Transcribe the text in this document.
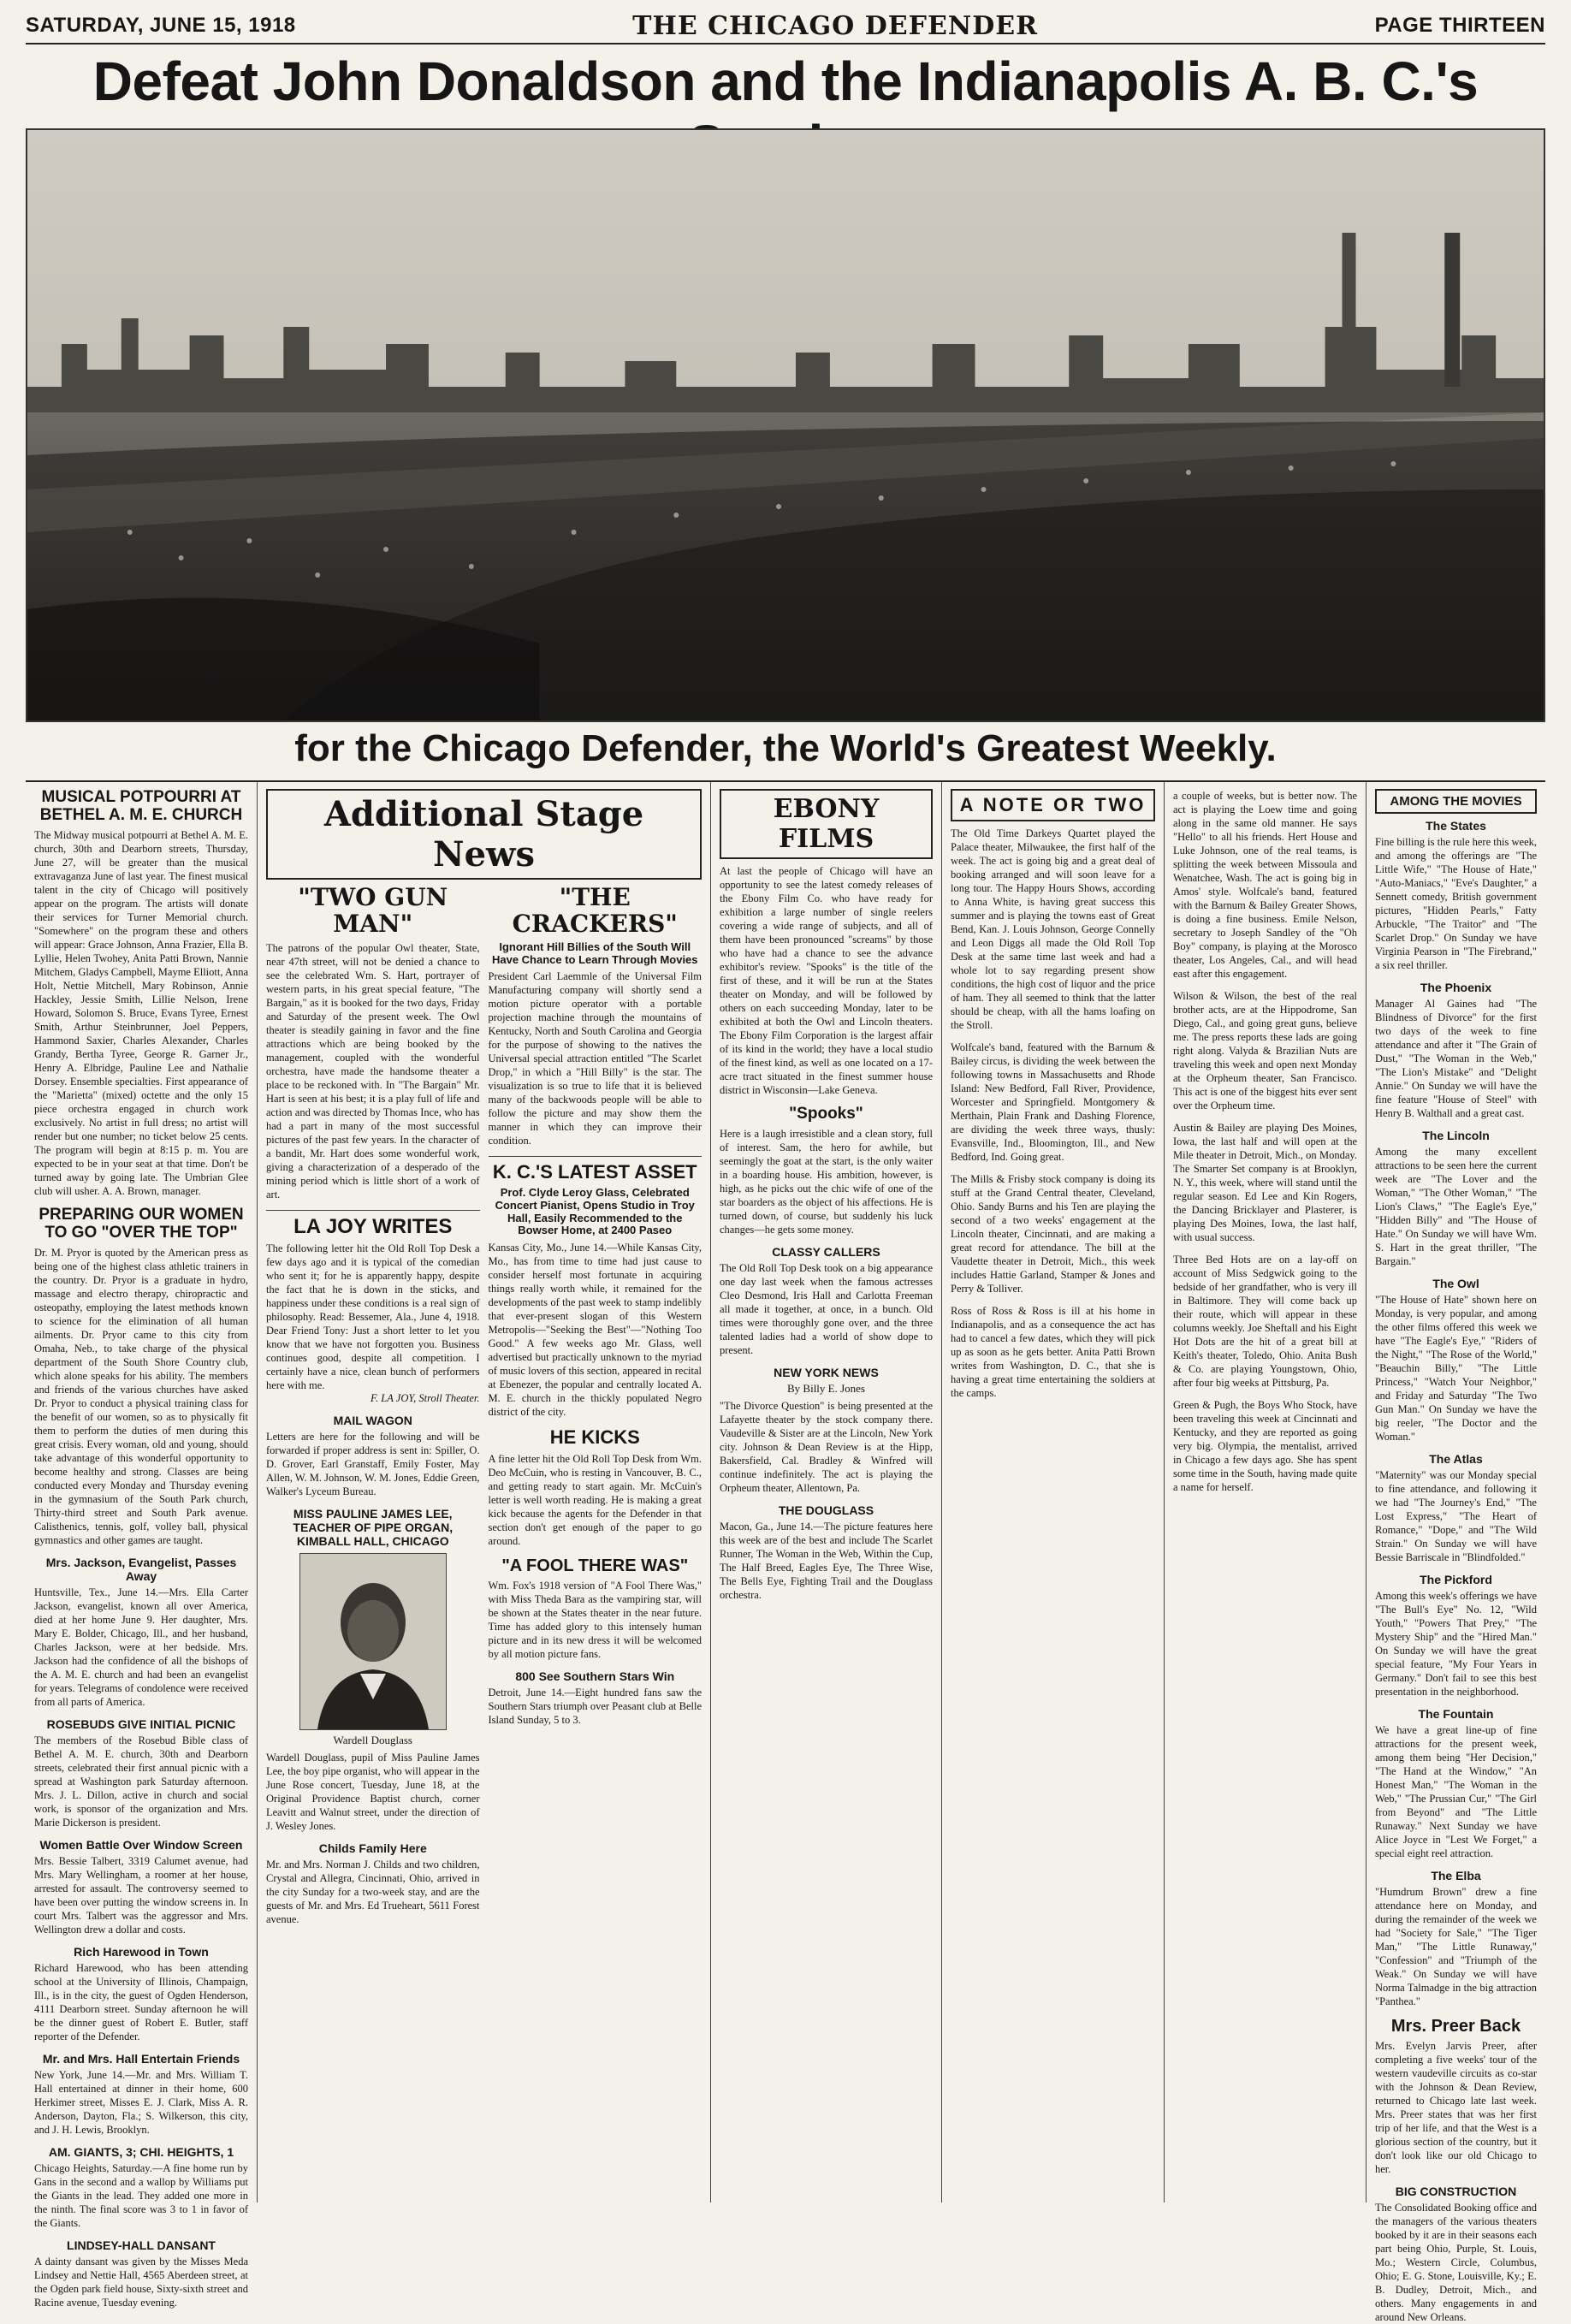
SATURDAY, JUNE 15, 1918	THE CHICAGO DEFENDER	PAGE THIRTEEN
Defeat John Donaldson and the Indianapolis A. B. C.'s
for the Chicago Defender, the World's Greatest Weekly.
MUSICAL POTPOURRI AT BETHEL A. M. E. CHURCH
The Midway musical potpourri at Bethel A. M. E. church, 30th and Dearborn streets, Thursday, June 27, will be greater than the musical extravaganza June of last year. The finest musical talent in the city of Chicago will positively appear on the program. The artists will donate their services for Turner Memorial church. "Somewhere" on the program these and others will appear: Grace Johnson, Anna Frazier, Ella B. Lyllie, Helen Twohey, Anita Patti Brown, Nannie Mitchem, Gladys Campbell, Mayme Elliott, Anna Holt, Nettie Mitchell, Mary Robinson, Annie Hackley, Jessie Smith, Lillie Nelson, Irene Howard, Solomon S. Bruce, Evans Tyree, Ernest Smith, Arthur Steinbrunner, Joel Peppers, Hammond Saxier, Charles Alexander, Charles Grandy, Bertha Tyree, George R. Garner Jr., Henry A. Elbridge, Pauline Lee and Nathalie Dorsey. Ensemble specialties. First appearance of the "Marietta" (mixed) octette and the only 15 piece orchestra engaged in church work exclusively. No artist in full dress; no artist will render but one number; no ticket below 25 cents. The program will begin at 8:15 p. m. You are expected to be in your seat at that time. Don't be turned away by going late. The Umbrian Glee club will usher. A. A. Brown, manager.
PREPARING OUR WOMEN TO GO "OVER THE TOP"
Dr. M. Pryor is quoted by the American press as being one of the highest class athletic trainers in the country. Dr. Pryor is a graduate in hydro, massage and electro therapy, chiropractic and osteopathy, employing the latest methods known to science for the elimination of all human ailments. Dr. Pryor came to this city from Omaha, Neb., to take charge of the physical department of the South Shore Country club, which alone speaks for his ability. The members and friends of the various churches have asked Dr. Pryor to conduct a physical training class for the benefit of our women, so as to physically fit them to perform the duties of men during this great crisis. Every woman, old and young, should take advantage of this wonderful opportunity to become healthy and strong. Classes are being conducted every Monday and Thursday evening in the gymnasium of the South Park church, Thirty-third street and South Park avenue. Calisthenics, tennis, golf, volley ball, physical gymnastics and other games are taught.
Mrs. Jackson, Evangelist, Passes Away
Huntsville, Tex., June 14.—Mrs. Ella Carter Jackson, evangelist, known all over America, died at her home June 9. Her daughter, Mrs. Mary E. Bolder, Chicago, Ill., and her husband, Charles Jackson, were at her bedside. Mrs. Jackson had the confidence of all the bishops of the A. M. E. church and had been an evangelist for years. Telegrams of condolence were received from all parts of America.
ROSEBUDS GIVE INITIAL PICNIC
The members of the Rosebud Bible class of Bethel A. M. E. church, 30th and Dearborn streets, celebrated their first annual picnic with a spread at Washington park Saturday afternoon. Mrs. J. L. Dillon, active in church and social work, is sponsor of the organization and Mrs. Marie Dickerson is president.
Women Battle Over Window Screen
Mrs. Bessie Talbert, 3319 Calumet avenue, had Mrs. Mary Wellingham, a roomer at her house, arrested for assault. The controversy seemed to have been over putting the window screens in. In court Mrs. Talbert was the aggressor and Mrs. Wellington drew a dollar and costs.
Rich Harewood in Town
Richard Harewood, who has been attending school at the University of Illinois, Champaign, Ill., is in the city, the guest of Ogden Henderson, 4111 Dearborn street. Sunday afternoon he will be the dinner guest of Robert E. Butler, staff reporter of the Defender.
Mr. and Mrs. Hall Entertain Friends
New York, June 14.—Mr. and Mrs. William T. Hall entertained at dinner in their home, 600 Herkimer street, Misses E. J. Clark, Miss A. R. Anderson, Dayton, Fla.; S. Wilkerson, this city, and J. H. Lewis, Brooklyn.
AM. GIANTS, 3; CHI. HEIGHTS, 1
Chicago Heights, Saturday.—A fine home run by Gans in the second and a wallop by Williams put the Giants in the lead. They added one more in the ninth. The final score was 3 to 1 in favor of the Giants.
LINDSEY-HALL DANSANT
A dainty dansant was given by the Misses Meda Lindsey and Nettie Hall, 4565 Aberdeen street, at the Ogden park field house, Sixty-sixth street and Racine avenue, Tuesday evening.
Additional Stage News
"TWO GUN MAN"
The patrons of the popular Owl theater, State, near 47th street, will not be denied a chance to see the celebrated Wm. S. Hart, portrayer of western parts, in his great special feature, "The Bargain," as it is booked for the two days, Friday and Saturday of the present week. The Owl theater is steadily gaining in favor and the fine attractions which are being booked by the management, coupled with the wonderful orchestra, have made the handsome theater a place to be reckoned with. In "The Bargain" Mr. Hart is seen at his best; it is a play full of life and action and was directed by Thomas Ince, who has had a part in many of the most successful pictures of the past few years. In the character of a bandit, Mr. Hart does some wonderful work, giving a characterization of a desperado of the mining period which is little short of a work of art.
LA JOY WRITES
The following letter hit the Old Roll Top Desk a few days ago and it is typical of the comedian who sent it; for he is apparently happy, despite the fact that he is down in the sticks, and happiness under these conditions is a real sign of philosophy. Read: Bessemer, Ala., June 4, 1918. Dear Friend Tony: Just a short letter to let you know that we have not forgotten you. Business continues good, despite all competition. I certainly have a nice, clean bunch of performers here with me.
F. LA JOY, Stroll Theater.
MAIL WAGON
Letters are here for the following and will be forwarded if proper address is sent in: Spiller, O. D. Grover, Earl Granstaff, Emily Foster, May Allen, W. M. Johnson, W. M. Jones, Eddie Green, Walker's Lyceum Bureau.
MISS PAULINE JAMES LEE, TEACHER OF PIPE ORGAN, KIMBALL HALL, CHICAGO
Wardell Douglass
Wardell Douglass, pupil of Miss Pauline James Lee, the boy pipe organist, who will appear in the June Rose concert, Tuesday, June 18, at the Original Providence Baptist church, corner Leavitt and Walnut street, under the direction of J. Wesley Jones.
Childs Family Here
Mr. and Mrs. Norman J. Childs and two children, Crystal and Allegra, Cincinnati, Ohio, arrived in the city Sunday for a two-week stay, and are the guests of Mr. and Mrs. Ed Trueheart, 5611 Forest avenue.
"THE CRACKERS"
Ignorant Hill Billies of the South Will Have Chance to Learn Through Movies
President Carl Laemmle of the Universal Film Manufacturing company will shortly send a motion picture operator with a portable projection machine through the mountains of Kentucky, North and South Carolina and Georgia for the purpose of showing to the natives the Universal special attraction entitled "The Scarlet Drop," in which a "Hill Billy" is the star. The visualization is so true to life that it is believed many of the backwoods people will be able to follow the picture and may show them the manner in which they can improve their condition.
K. C.'S LATEST ASSET
Prof. Clyde Leroy Glass, Celebrated Concert Pianist, Opens Studio in Troy Hall, Easily Recommended to the Bowser Home, at 2400 Paseo
Kansas City, Mo., June 14.—While Kansas City, Mo., has from time to time had just cause to consider herself most fortunate in acquiring things really worth while, it remained for the developments of the past week to stamp indelibly that ever-present slogan of this Western Metropolis—"Seeking the Best"—"Nothing Too Good." A few weeks ago Mr. Glass, well advertised but practically unknown to the myriad of music lovers of this section, appeared in recital at Ebenezer, the popular and centrally located A. M. E. church in the thickly populated Negro district of the city.
HE KICKS
A fine letter hit the Old Roll Top Desk from Wm. Deo McCuin, who is resting in Vancouver, B. C., and getting ready to start again. Mr. McCuin's letter is well worth reading. He is making a great kick because the agents for the Defender in that section don't get enough of the paper to go around.
"A FOOL THERE WAS"
Wm. Fox's 1918 version of "A Fool There Was," with Miss Theda Bara as the vampiring star, will be shown at the States theater in the near future. Time has added glory to this intensely human picture and in its new dress it will be welcomed by all motion picture fans.
800 See Southern Stars Win
Detroit, June 14.—Eight hundred fans saw the Southern Stars triumph over Peasant club at Belle Island Sunday, 5 to 3.
EBONY FILMS
At last the people of Chicago will have an opportunity to see the latest comedy releases of the Ebony Film Co. who have ready for exhibition a large number of single reelers covering a wide range of subjects, and all of them have been pronounced "screams" by those who have had a chance to see the advance exhibitor's review. "Spooks" is the title of the first of these, and it will be run at the States theater on Monday, and will be followed by others on each succeeding Monday, later to be exhibited at both the Owl and Lincoln theaters. The Ebony Film Corporation is the largest affair of its kind in the world; they have a local studio of the finest kind, as well as one located on a 17-acre tract situated in the finest summer house district in Wisconsin—Lake Geneva.
"Spooks"
Here is a laugh irresistible and a clean story, full of interest. Sam, the hero for awhile, but seemingly the goat at the start, is the only waiter in a boarding house. His ambition, however, is high, as he picks out the chic wife of one of the star boarders as the object of his affections. He is turned down, of course, but suddenly his luck changes—he gets some money.
CLASSY CALLERS
The Old Roll Top Desk took on a big appearance one day last week when the famous actresses Cleo Desmond, Iris Hall and Carlotta Freeman all made it together, at once, in a bunch. Old times were thoroughly gone over, and the three talented ladies had a world of show dope to present.
NEW YORK NEWS
By Billy E. Jones
"The Divorce Question" is being presented at the Lafayette theater by the stock company there. Vaudeville & Sister are at the Lincoln, New York city. Johnson & Dean Review is at the Hipp, Bakersfield, Cal. Bradley & Winfred will continue indefinitely. The act is playing the Orpheum theater, Allentown, Pa.
THE DOUGLASS
Macon, Ga., June 14.—The picture features here this week are of the best and include The Scarlet Runner, The Woman in the Web, Within the Cup, The Half Breed, Eagles Eye, The Three Wise, The Bells Eye, Fighting Trail and the Douglass orchestra.
A NOTE OR TWO
The Old Time Darkeys Quartet played the Palace theater, Milwaukee, the first half of the week. The act is going big and a great deal of booking arranged and will soon leave for a long tour. The Happy Hours Shows, according to Anna White, is having great success this summer and is playing the towns east of Great Bend, Kan. J. Louis Johnson, George Connelly and Leon Diggs all made the Old Roll Top Desk at the same time last week and had a whole lot to say regarding present show conditions, the high cost of liquor and the price of ham. They all seemed to think that the latter should be cheap, with all the hams loafing on the Stroll.
Wolfcale's band, featured with the Barnum & Bailey circus, is dividing the week between the following towns in Massachusetts and Rhode Island: New Bedford, Fall River, Providence, Worcester and Springfield. Montgomery & Merthain, Plain Frank and Dashing Florence, are dividing the week three ways, thusly: Evansville, Ind., Bloomington, Ill., and New Bedford, Ind. Going great.
The Mills & Frisby stock company is doing its stuff at the Grand Central theater, Cleveland, Ohio. Sandy Burns and his Ten are playing the second of a two weeks' engagement at the Lincoln theater, Cincinnati, and are making a great record for attendance. The bill at the Vaudette theater in Detroit, Mich., this week includes Hattie Garland, Stamper & Jones and Perry & Tolliver.
Ross of Ross & Ross is ill at his home in Indianapolis, and as a consequence the act has had to cancel a few dates, which they will pick up as soon as he gets better. Anita Patti Brown writes from Washington, D. C., that she is having a great time entertaining the soldiers at the camps.
a couple of weeks, but is better now. The act is playing the Loew time and going along in the same old manner. He says "Hello" to all his friends. Hert House and Luke Johnson, one of the real teams, is splitting the week between Missoula and Wenatchee, Wash. The act is going big in Amos' style. Wolfcale's band, featured with the Barnum & Bailey Greater Shows, is doing a fine business. Emile Nelson, secretary to Joseph Sandley of the "Oh Boy" company, is playing at the Morosco theater, Los Angeles, Cal., and will head east after this engagement.
Wilson & Wilson, the best of the real brother acts, are at the Hippodrome, San Diego, Cal., and going great guns, believe me. The press reports these lads are going right along. Valyda & Brazilian Nuts are traveling this week and open next Monday at the Orpheum theater, San Francisco. This act is one of the biggest hits ever sent over the Orpheum time.
Austin & Bailey are playing Des Moines, Iowa, the last half and will open at the Mile theater in Detroit, Mich., on Monday. The Smarter Set company is at Brooklyn, N. Y., this week, where will stand until the regular season. Ed Lee and Kin Rogers, the Dancing Bricklayer and Plasterer, is playing Des Moines, Iowa, the last half, with usual success.
Three Bed Hots are on a lay-off on account of Miss Sedgwick going to the bedside of her grandfather, who is very ill in Baltimore. They will come back up their route, which will appear in these columns weekly. Joe Sheftall and his Eight Hot Dots are the hit of a great bill at Keith's theater, Toledo, Ohio. Anita Bush & Co. are playing Youngstown, Ohio, after four big weeks at Pittsburg, Pa.
Green & Pugh, the Boys Who Stock, have been traveling this week at Cincinnati and Kentucky, and they are reported as going very big. Olympia, the mentalist, arrived in Chicago a few days ago. She has spent some time in the South, having made quite a name for herself.
AMONG THE MOVIES
The States
Fine billing is the rule here this week, and among the offerings are "The Little Wife," "The House of Hate," "Auto-Maniacs," "Eve's Daughter," a Sennett comedy, British government pictures, "Hidden Pearls," Fatty Arbuckle, "The Traitor" and "The Scarlet Drop." On Sunday we have Virginia Pearson in "The Firebrand," a six reel thriller.
The Phoenix
Manager Al Gaines had "The Blindness of Divorce" for the first two days of the week to fine attendance and after it "The Grain of Dust," "The Woman in the Web," "The Lion's Mistake" and "Delight Annie." On Sunday we will have the fine feature "House of Steel" with Henry B. Walthall and a great cast.
The Lincoln
Among the many excellent attractions to be seen here the current week are "The Lover and the Woman," "The Other Woman," "The Lion's Claws," "The Eagle's Eye," "Hidden Billy" and "The House of Hate." On Sunday we will have Wm. S. Hart in the great thriller, "The Bargain."
The Owl
"The House of Hate" shown here on Monday, is very popular, and among the other films offered this week we have "The Eagle's Eye," "Riders of the Night," "The Rose of the World," "Beauchin Billy," "The Little Princess," "Watch Your Neighbor," and Friday and Saturday "The Two Gun Man." On Sunday we have the big reeler, "The Doctor and the Woman."
The Atlas
"Maternity" was our Monday special to fine attendance, and following it we had "The Journey's End," "The Lost Express," "The Heart of Romance," "Dope," and "The Wild Strain." On Sunday we will have Bessie Barriscale in "Blindfolded."
The Pickford
Among this week's offerings we have "The Bull's Eye" No. 12, "Wild Youth," "Powers That Prey," "The Mystery Ship" and the "Hired Man." On Sunday we will have the great special feature, "My Four Years in Germany." Don't fail to see this best presentation in the neighborhood.
The Fountain
We have a great line-up of fine attractions for the present week, among them being "Her Decision," "The Hand at the Window," "An Honest Man," "The Woman in the Web," "The Prussian Cur," "The Girl from Beyond" and "The Little Runaway." Next Sunday we have Alice Joyce in "Lest We Forget," a special eight reel attraction.
The Elba
"Humdrum Brown" drew a fine attendance here on Monday, and during the remainder of the week we had "Society for Sale," "The Tiger Man," "The Little Runaway," "Confession" and "Triumph of the Weak." On Sunday we will have Norma Talmadge in the big attraction "Panthea."
Mrs. Preer Back
Mrs. Evelyn Jarvis Preer, after completing a five weeks' tour of the western vaudeville circuits as co-star with the Johnson & Dean Review, returned to Chicago late last week. Mrs. Preer states that was her first trip of her life, and that the West is a glorious section of the country, but it don't look like our old Chicago to her.
BIG CONSTRUCTION
The Consolidated Booking office and the managers of the various theaters booked by it are in their seasons each part being Ohio, Purple, St. Louis, Mo.; Western Circle, Columbus, Ohio; E. G. Stone, Louisville, Ky.; E. B. Dudley, Detroit, Mich., and others. Many engagements in and around New Orleans.
